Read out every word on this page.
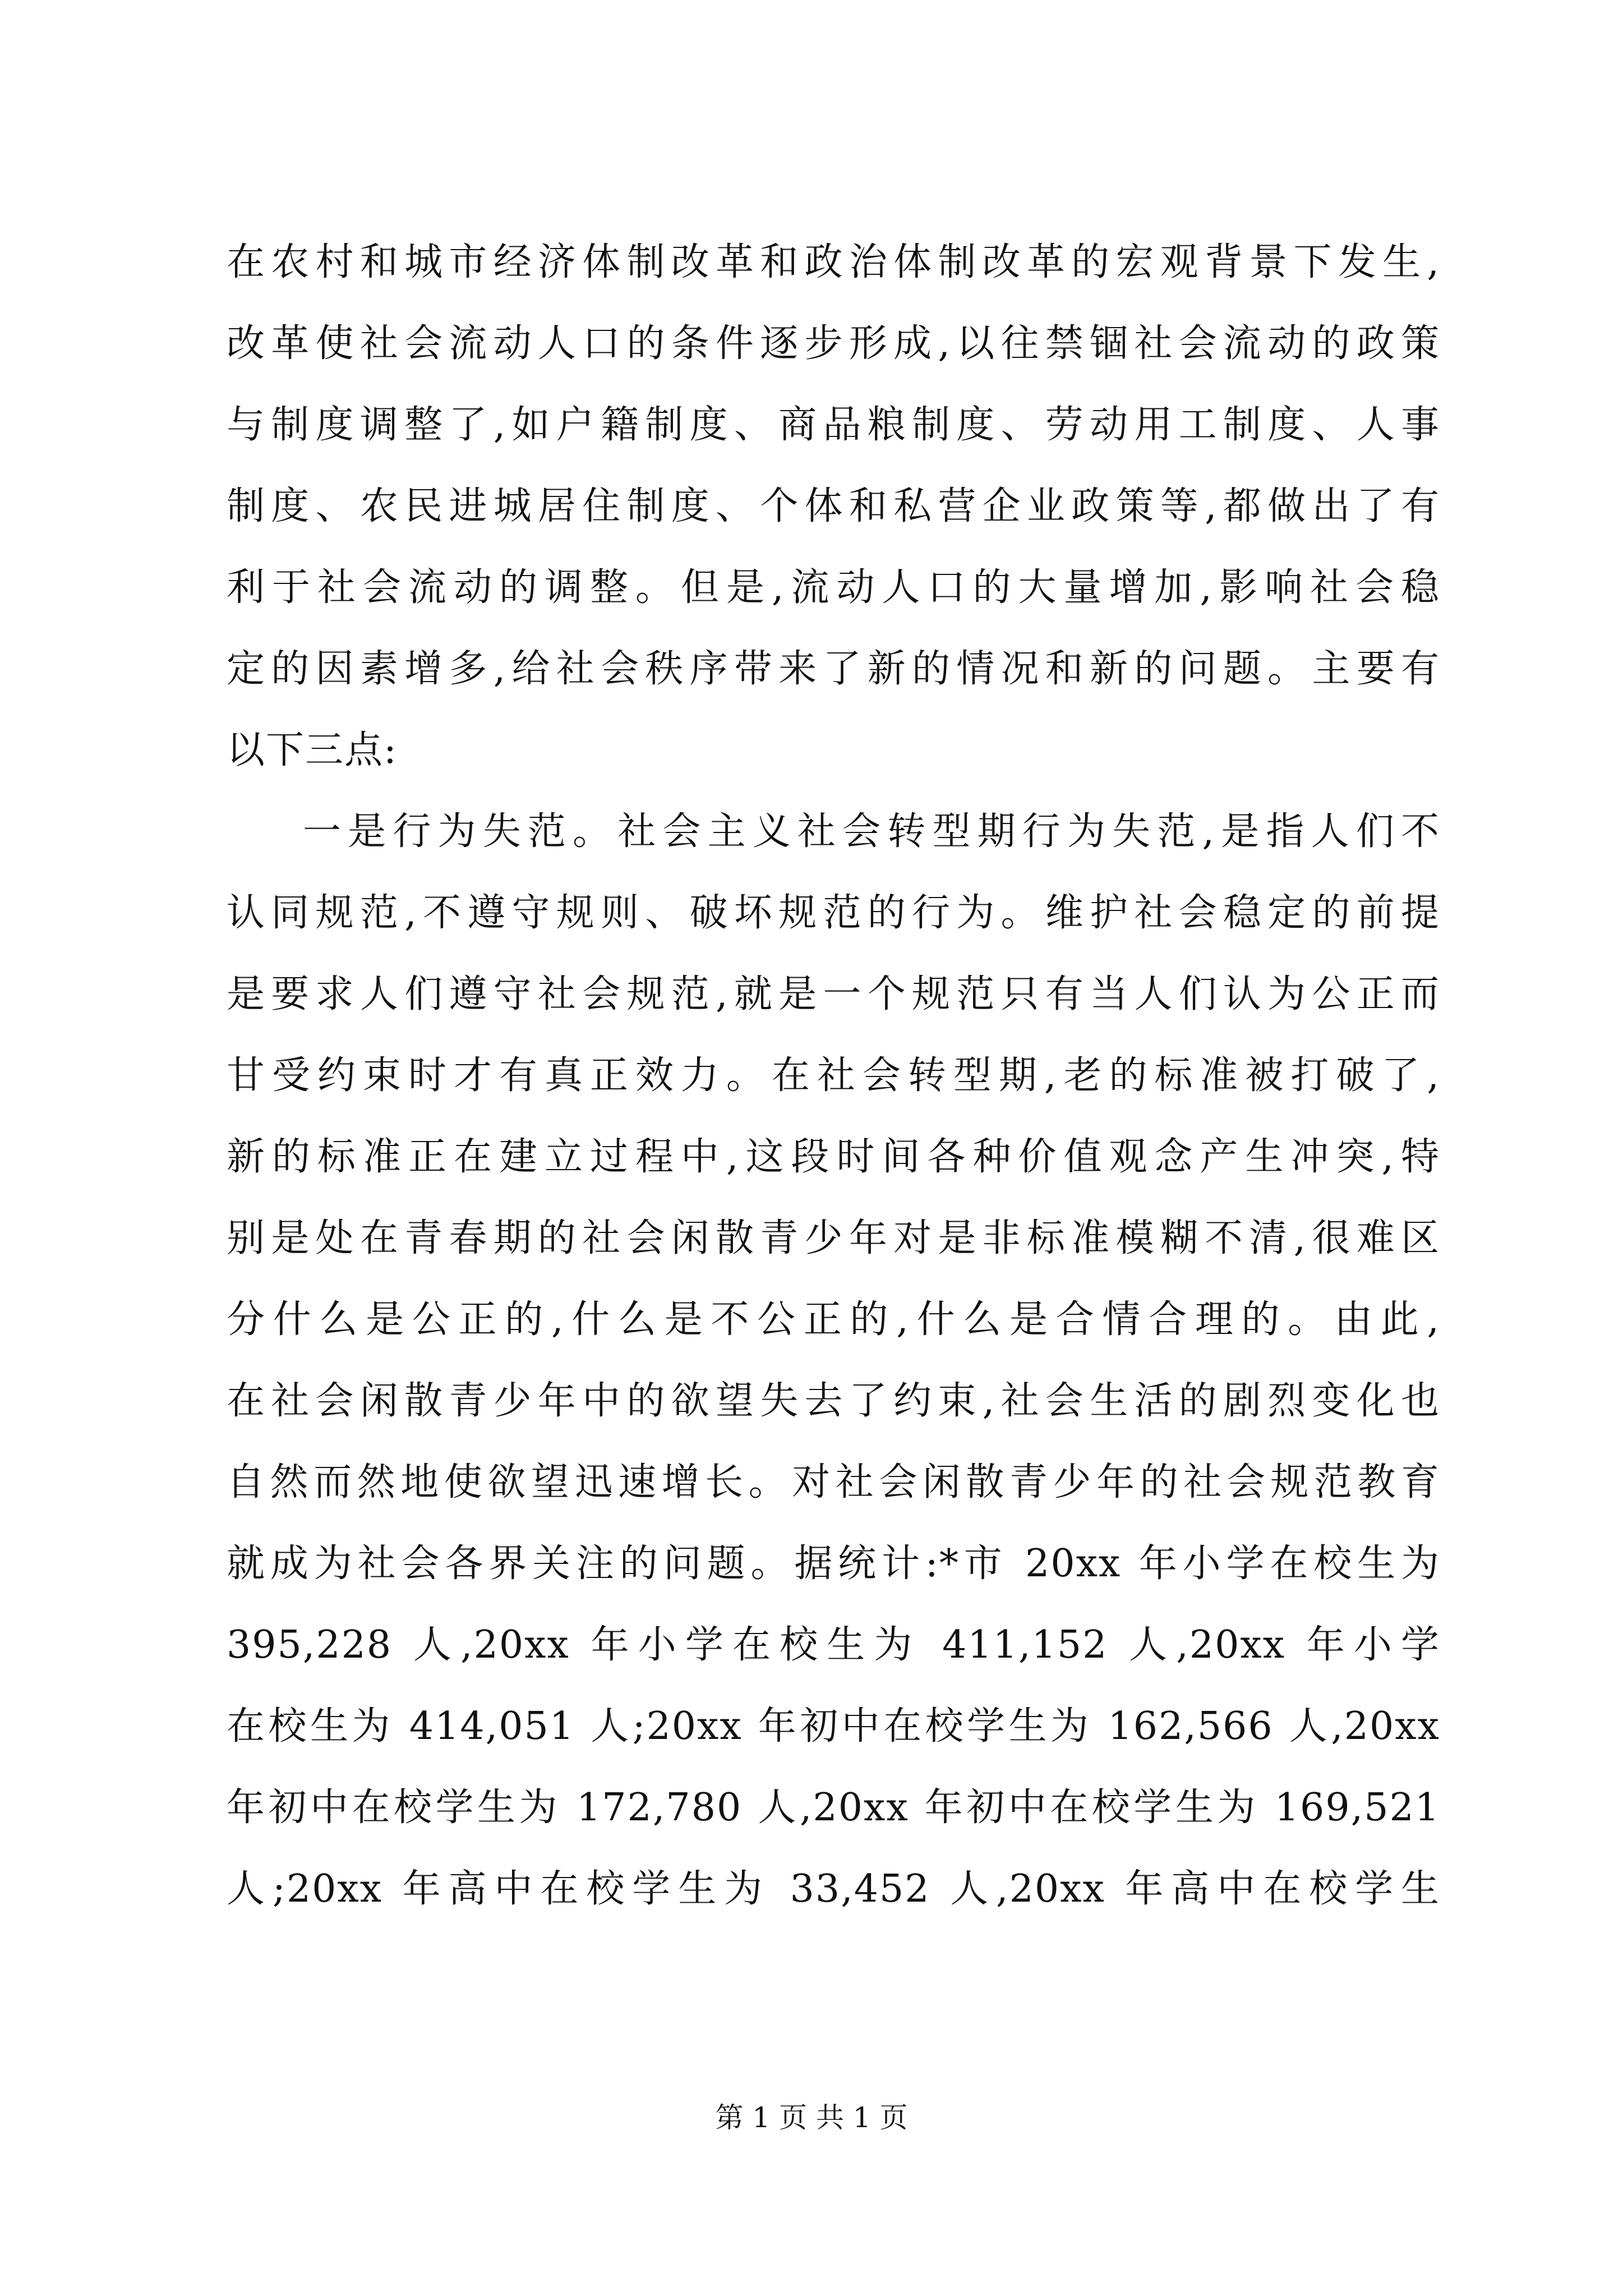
在农村和城市经济体制改革和政治体制改革的宏观背景下发生,
改革使社会流动人口的条件逐步形成,以往禁锢社会流动的政策
与制度调整了,如户籍制度、商品粮制度、劳动用工制度、人事
制度、农民进城居住制度、个体和私营企业政策等,都做出了有
利于社会流动的调整。但是,流动人口的大量增加,影响社会稳
定的因素增多,给社会秩序带来了新的情况和新的问题。主要有
以下三点:
一是行为失范。社会主义社会转型期行为失范,是指人们不
认同规范,不遵守规则、破坏规范的行为。维护社会稳定的前提
是要求人们遵守社会规范,就是一个规范只有当人们认为公正而
甘受约束时才有真正效力。在社会转型期,老的标准被打破了,
新的标准正在建立过程中,这段时间各种价值观念产生冲突,特
别是处在青春期的社会闲散青少年对是非标准模糊不清,很难区
分什么是公正的,什么是不公正的,什么是合情合理的。由此,
在社会闲散青少年中的欲望失去了约束,社会生活的剧烈变化也
自然而然地使欲望迅速增长。对社会闲散青少年的社会规范教育
就成为社会各界关注的问题。据统计:*市 20xx 年小学在校生为
395,228 人,20xx 年小学在校生为 411,152 人,20xx 年小学
在校生为 414,051 人;20xx 年初中在校学生为 162,566 人,20xx
年初中在校学生为 172,780 人,20xx 年初中在校学生为 169,521
人;20xx 年高中在校学生为 33,452 人,20xx 年高中在校学生
第 1 页 共 1 页
